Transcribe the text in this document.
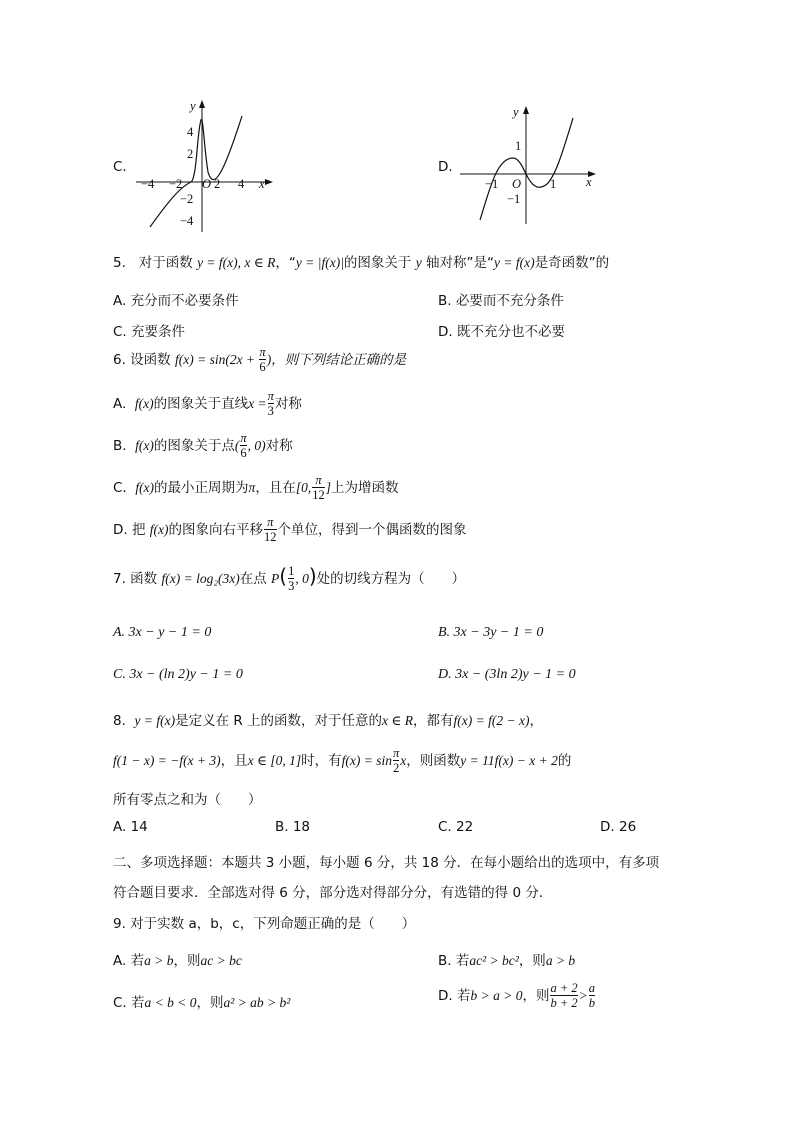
C.
y
x
O
−4 −2	2 4
4
2
−2
−4
D.
y
x
O
−1	1
1
−1
5. 对于函数 y = f(x), x ∈ R，“y = |f(x)|的图象关于 y 轴对称”是“y = f(x)是奇函数”的
A. 充分而不必要条件	B. 必要而不充分条件
C. 充要条件	D. 既不充分也不必要
6. 设函数 $f(x) = \sin(2x + \frac{\pi}{6}$ )，则下列结论正确的是
A. f(x)的图象关于直线$x = \frac{\pi}{3}$ 对称
B. f(x)的图象关于点( $\frac{\pi}{6}$ , 0)对称
C. f(x)的最小正周期为π，且在[0, $\frac{\pi}{12}$ ]上为增函数
D. 把 f(x)的图象向右平移 $\frac{\pi}{12}$ 个单位，得到一个偶函数的图象
7. 函数 f(x) = log₂(3x)在点 $P( \frac{1}{3}$ , 0)处的切线方程为（　　）
A. 3x − y − 1 = 0	B. 3x − 3y − 1 = 0
C. 3x − (ln 2)y − 1 = 0	D. 3x − (3ln 2)y − 1 = 0
8. y = f(x)是定义在 R 上的函数，对于任意的x ∈ R，都有f(x) = f(2 − x)，
f(1 − x) = −f(x + 3)，且x ∈ [0, 1]时，有$f(x) = \sin \frac{\pi}{2}$ x，则函数y = 11f(x) − x + 2的
所有零点之和为（　　）
A. 14	B. 18	C. 22	D. 26
二、多项选择题：本题共 3 小题，每小题 6 分，共 18 分．在每小题给出的选项中，有多项
符合题目要求．全部选对得 6 分，部分选对得部分分，有选错的得 0 分．
9. 对于实数 a，b，c，下列命题正确的是（　　）
A. 若a > b，则ac > bc	B. 若ac² > bc²，则a > b
C. 若a < b < 0，则a² > ab > b²	D. 若b > a > 0，则 $\frac{a + 2}{b + 2} > \frac{a}{b}$
